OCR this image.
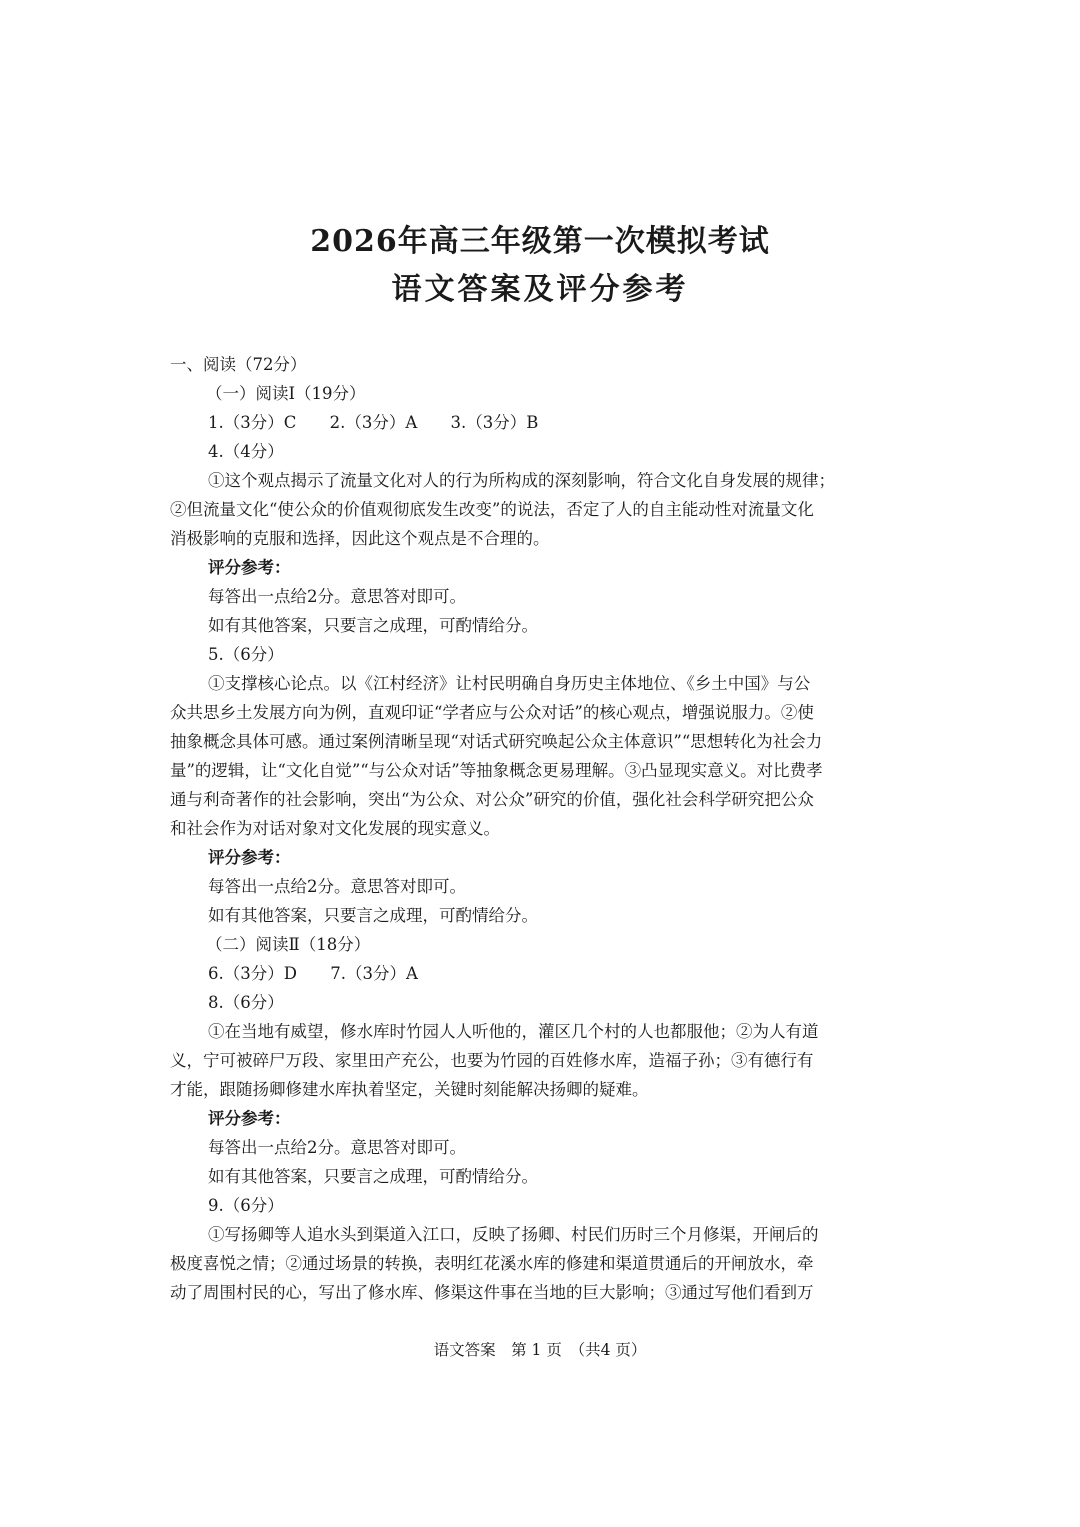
2026年高三年级第一次模拟考试
语文答案及评分参考
一、阅读（72分）
（一）阅读Ⅰ（19分）
1.（3分）C 2.（3分）A 3.（3分）B
4.（4分）
①这个观点揭示了流量文化对人的行为所构成的深刻影响，符合文化自身发展的规律；
②但流量文化“使公众的价值观彻底发生改变”的说法，否定了人的自主能动性对流量文化
消极影响的克服和选择，因此这个观点是不合理的。
评分参考：
每答出一点给2分。意思答对即可。
如有其他答案，只要言之成理，可酌情给分。
5.（6分）
①支撑核心论点。以《江村经济》让村民明确自身历史主体地位、《乡土中国》与公
众共思乡土发展方向为例，直观印证“学者应与公众对话”的核心观点，增强说服力。②使
抽象概念具体可感。通过案例清晰呈现“对话式研究唤起公众主体意识”“思想转化为社会力
量”的逻辑，让“文化自觉”“与公众对话”等抽象概念更易理解。③凸显现实意义。对比费孝
通与利奇著作的社会影响，突出“为公众、对公众”研究的价值，强化社会科学研究把公众
和社会作为对话对象对文化发展的现实意义。
评分参考：
每答出一点给2分。意思答对即可。
如有其他答案，只要言之成理，可酌情给分。
（二）阅读Ⅱ（18分）
6.（3分）D 7.（3分）A
8.（6分）
①在当地有威望，修水库时竹园人人听他的，灌区几个村的人也都服他；②为人有道
义，宁可被碎尸万段、家里田产充公，也要为竹园的百姓修水库，造福子孙；③有德行有
才能，跟随扬卿修建水库执着坚定，关键时刻能解决扬卿的疑难。
评分参考：
每答出一点给2分。意思答对即可。
如有其他答案，只要言之成理，可酌情给分。
9.（6分）
①写扬卿等人追水头到渠道入江口，反映了扬卿、村民们历时三个月修渠，开闸后的
极度喜悦之情；②通过场景的转换，表明红花溪水库的修建和渠道贯通后的开闸放水，牵
动了周围村民的心，写出了修水库、修渠这件事在当地的巨大影响；③通过写他们看到万
语文答案　第 1 页　（共4 页）
